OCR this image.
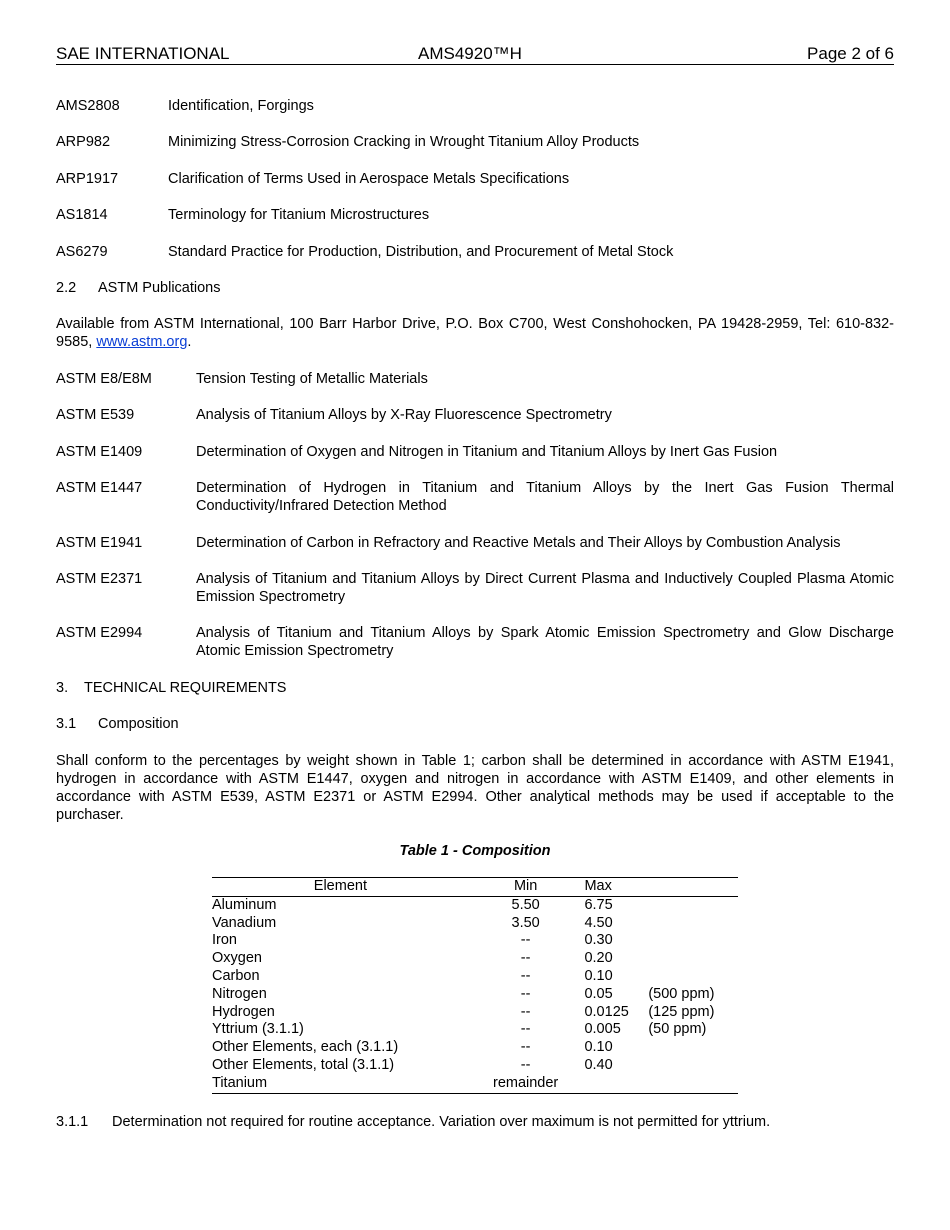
SAE INTERNATIONAL	AMS4920™H	Page 2 of 6
AMS2808	Identification, Forgings
ARP982	Minimizing Stress-Corrosion Cracking in Wrought Titanium Alloy Products
ARP1917	Clarification of Terms Used in Aerospace Metals Specifications
AS1814	Terminology for Titanium Microstructures
AS6279	Standard Practice for Production, Distribution, and Procurement of Metal Stock
2.2 ASTM Publications
Available from ASTM International, 100 Barr Harbor Drive, P.O. Box C700, West Conshohocken, PA 19428-2959, Tel: 610-832-9585, www.astm.org.
ASTM E8/E8M	Tension Testing of Metallic Materials
ASTM E539	Analysis of Titanium Alloys by X-Ray Fluorescence Spectrometry
ASTM E1409	Determination of Oxygen and Nitrogen in Titanium and Titanium Alloys by Inert Gas Fusion
ASTM E1447	Determination of Hydrogen in Titanium and Titanium Alloys by the Inert Gas Fusion Thermal Conductivity/Infrared Detection Method
ASTM E1941	Determination of Carbon in Refractory and Reactive Metals and Their Alloys by Combustion Analysis
ASTM E2371	Analysis of Titanium and Titanium Alloys by Direct Current Plasma and Inductively Coupled Plasma Atomic Emission Spectrometry
ASTM E2994	Analysis of Titanium and Titanium Alloys by Spark Atomic Emission Spectrometry and Glow Discharge Atomic Emission Spectrometry
3. TECHNICAL REQUIREMENTS
3.1 Composition
Shall conform to the percentages by weight shown in Table 1; carbon shall be determined in accordance with ASTM E1941, hydrogen in accordance with ASTM E1447, oxygen and nitrogen in accordance with ASTM E1409, and other elements in accordance with ASTM E539, ASTM E2371 or ASTM E2994. Other analytical methods may be used if acceptable to the purchaser.
Table 1 - Composition
Element	Min	Max	
Aluminum	5.50	6.75	
Vanadium	3.50	4.50	
Iron	--	0.30	
Oxygen	--	0.20	
Carbon	--	0.10	
Nitrogen	--	0.05	(500 ppm)
Hydrogen	--	0.0125	(125 ppm)
Yttrium (3.1.1)	--	0.005	(50 ppm)
Other Elements, each (3.1.1)	--	0.10	
Other Elements, total (3.1.1)	--	0.40	
Titanium	remainder		
3.1.1 Determination not required for routine acceptance. Variation over maximum is not permitted for yttrium.
